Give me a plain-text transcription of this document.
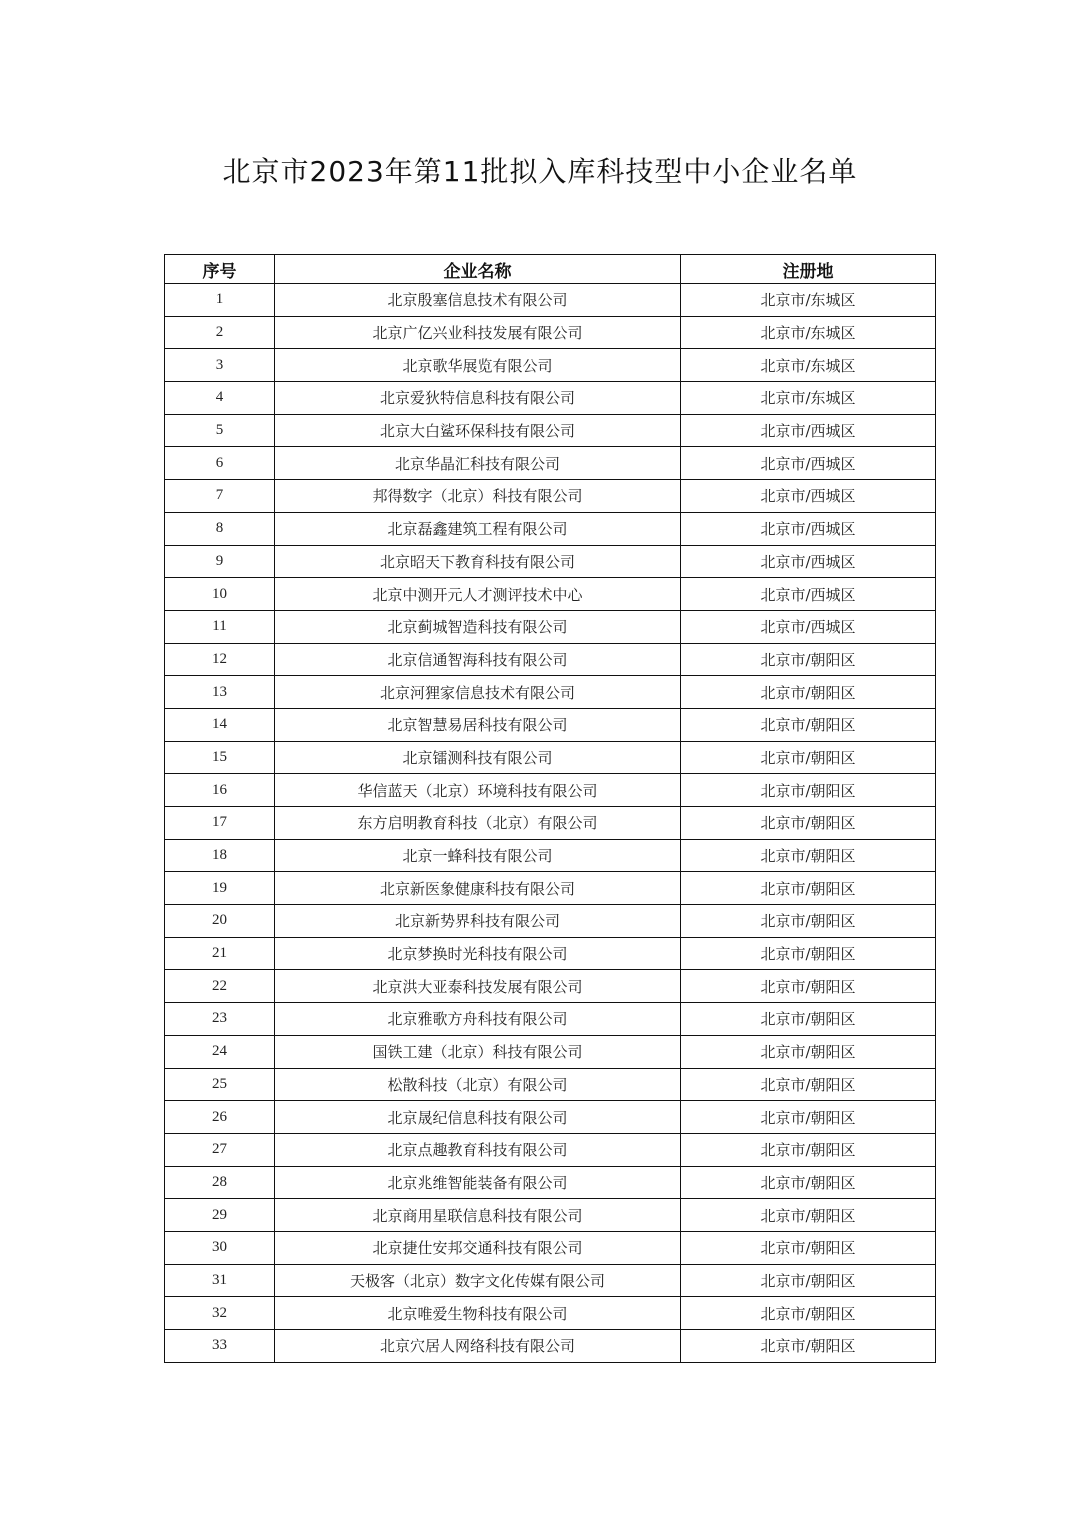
北京市2023年第11批拟入库科技型中小企业名单
序号	企业名称	注册地
1	北京殷塞信息技术有限公司	北京市/东城区
2	北京广亿兴业科技发展有限公司	北京市/东城区
3	北京歌华展览有限公司	北京市/东城区
4	北京爱狄特信息科技有限公司	北京市/东城区
5	北京大白鲨环保科技有限公司	北京市/西城区
6	北京华晶汇科技有限公司	北京市/西城区
7	邦得数字（北京）科技有限公司	北京市/西城区
8	北京磊鑫建筑工程有限公司	北京市/西城区
9	北京昭天下教育科技有限公司	北京市/西城区
10	北京中测开元人才测评技术中心	北京市/西城区
11	北京蓟城智造科技有限公司	北京市/西城区
12	北京信通智海科技有限公司	北京市/朝阳区
13	北京河狸家信息技术有限公司	北京市/朝阳区
14	北京智慧易居科技有限公司	北京市/朝阳区
15	北京镭测科技有限公司	北京市/朝阳区
16	华信蓝天（北京）环境科技有限公司	北京市/朝阳区
17	东方启明教育科技（北京）有限公司	北京市/朝阳区
18	北京一蜂科技有限公司	北京市/朝阳区
19	北京新医象健康科技有限公司	北京市/朝阳区
20	北京新势界科技有限公司	北京市/朝阳区
21	北京梦换时光科技有限公司	北京市/朝阳区
22	北京洪大亚泰科技发展有限公司	北京市/朝阳区
23	北京雅歌方舟科技有限公司	北京市/朝阳区
24	国铁工建（北京）科技有限公司	北京市/朝阳区
25	松散科技（北京）有限公司	北京市/朝阳区
26	北京晟纪信息科技有限公司	北京市/朝阳区
27	北京点趣教育科技有限公司	北京市/朝阳区
28	北京兆维智能装备有限公司	北京市/朝阳区
29	北京商用星联信息科技有限公司	北京市/朝阳区
30	北京捷仕安邦交通科技有限公司	北京市/朝阳区
31	天极客（北京）数字文化传媒有限公司	北京市/朝阳区
32	北京唯爱生物科技有限公司	北京市/朝阳区
33	北京穴居人网络科技有限公司	北京市/朝阳区
